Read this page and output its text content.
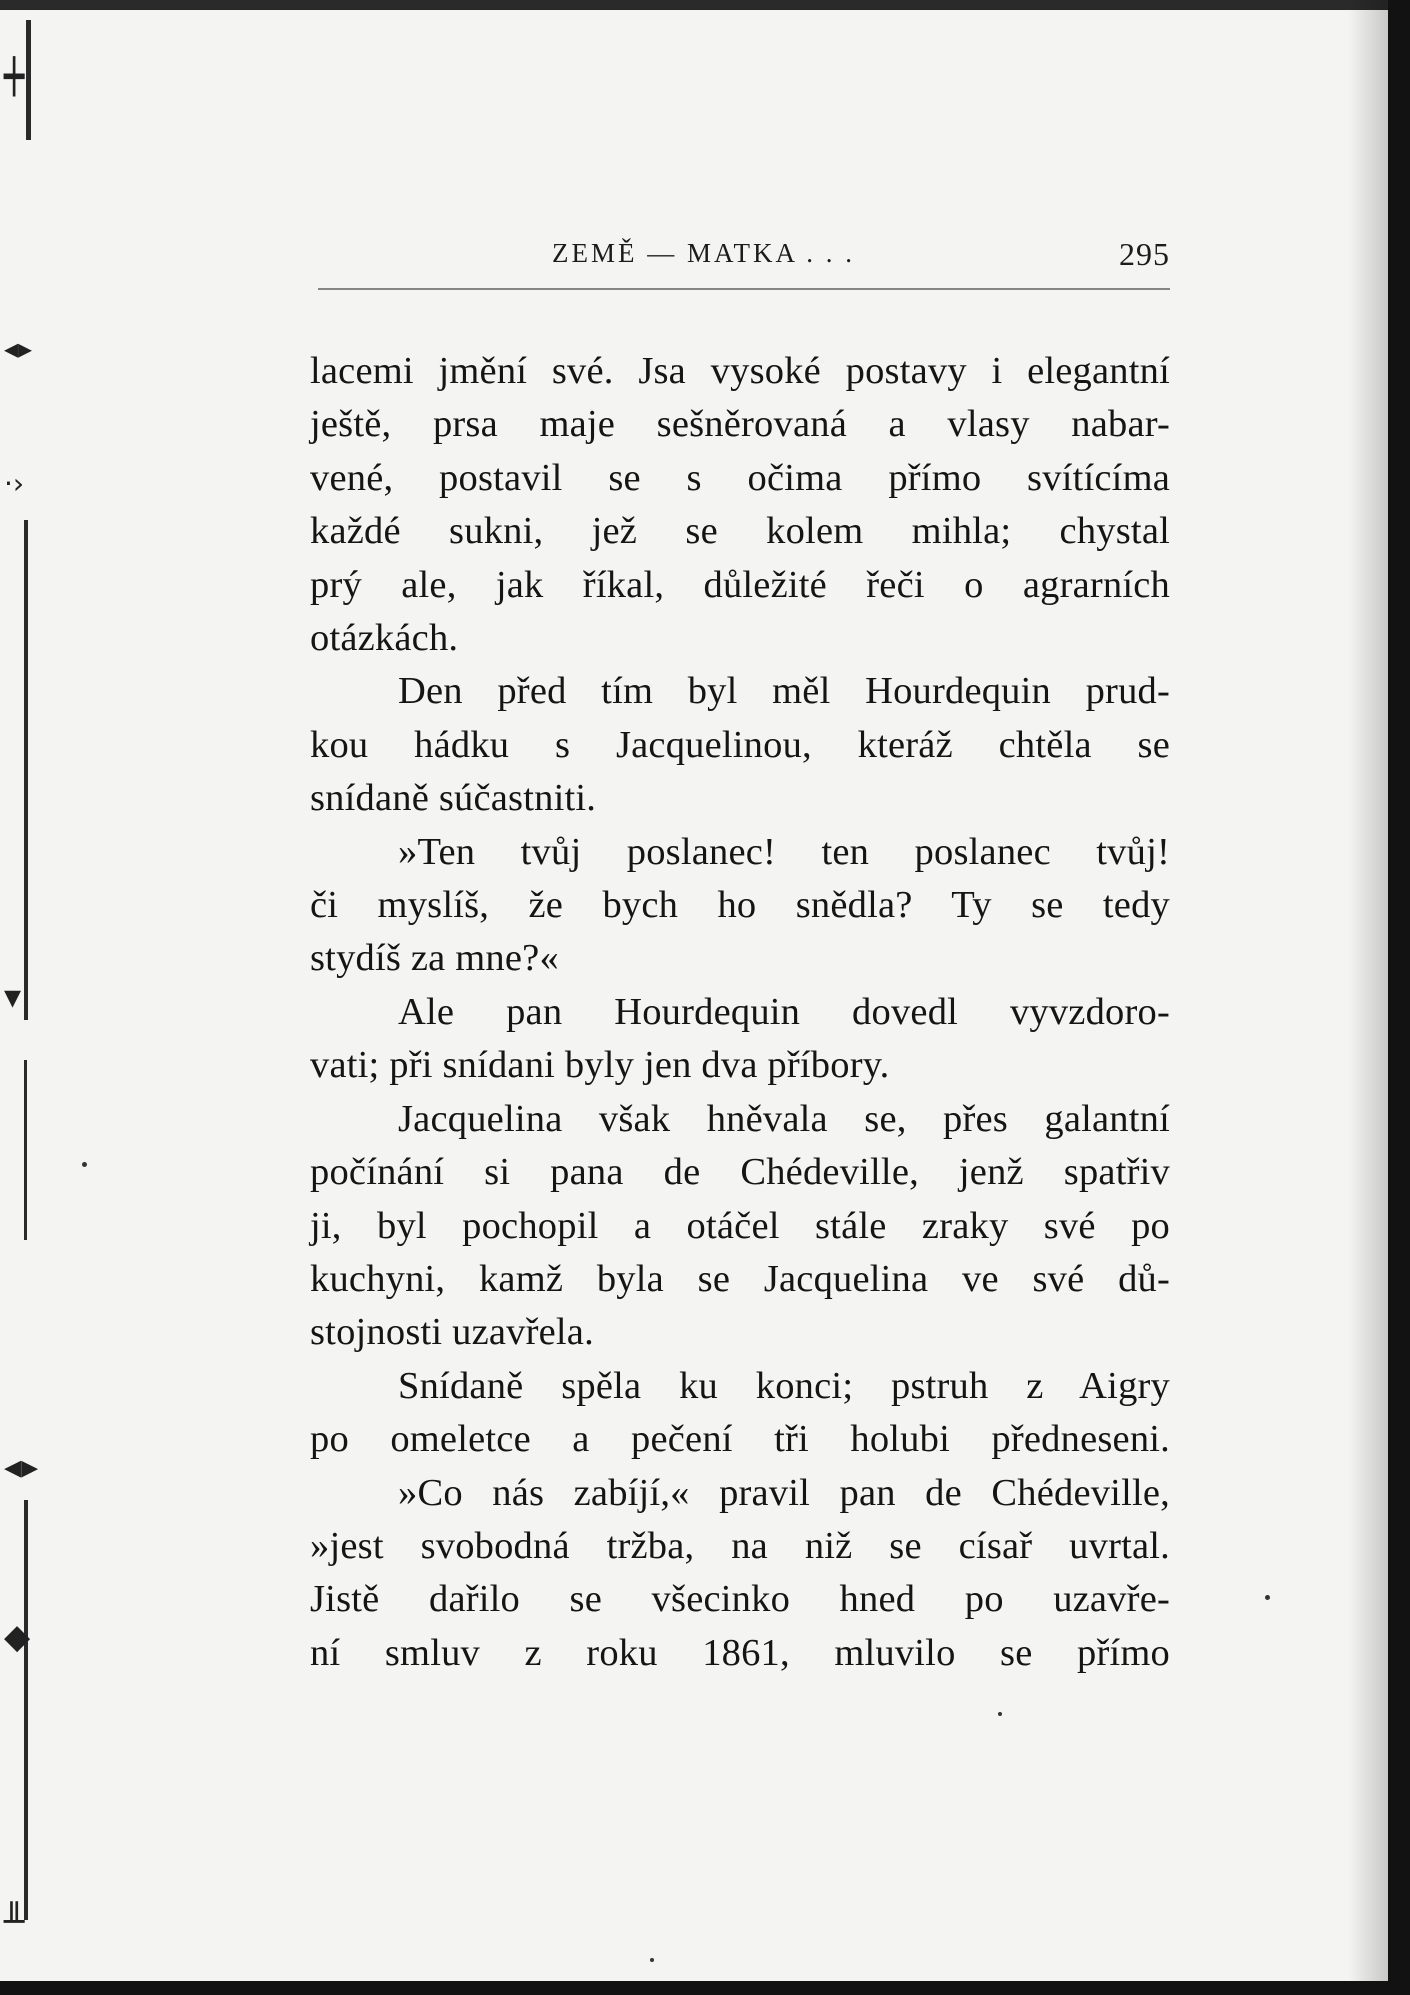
┿
◂▸
·›
▾
◂▸
◆
╨
ZEMĚ — MATKA . . .	295
lacemi jmění své. Jsa vysoké postavy i elegantní
ještě, prsa maje sešněrovaná a vlasy nabar-
vené, postavil se s očima přímo svítícíma
každé sukni, jež se kolem mihla; chystal
prý ale, jak říkal, důležité řeči o agrarních
otázkách.
Den před tím byl měl Hourdequin prud-
kou hádku s Jacquelinou, kteráž chtěla se
snídaně súčastniti.
»Ten tvůj poslanec! ten poslanec tvůj!
či myslíš, že bych ho snědla? Ty se tedy
stydíš za mne?«
Ale pan Hourdequin dovedl vyvzdoro-
vati; při snídani byly jen dva příbory.
Jacquelina však hněvala se, přes galantní
počínání si pana de Chédeville, jenž spatřiv
ji, byl pochopil a otáčel stále zraky své po
kuchyni, kamž byla se Jacquelina ve své dů-
stojnosti uzavřela.
Snídaně spěla ku konci; pstruh z Aigry
po omeletce a pečení tři holubi předneseni.
»Co nás zabíjí,« pravil pan de Chédeville,
»jest svobodná tržba, na niž se císař uvrtal.
Jistě dařilo se všecinko hned po uzavře-
ní smluv z roku 1861, mluvilo se přímo
